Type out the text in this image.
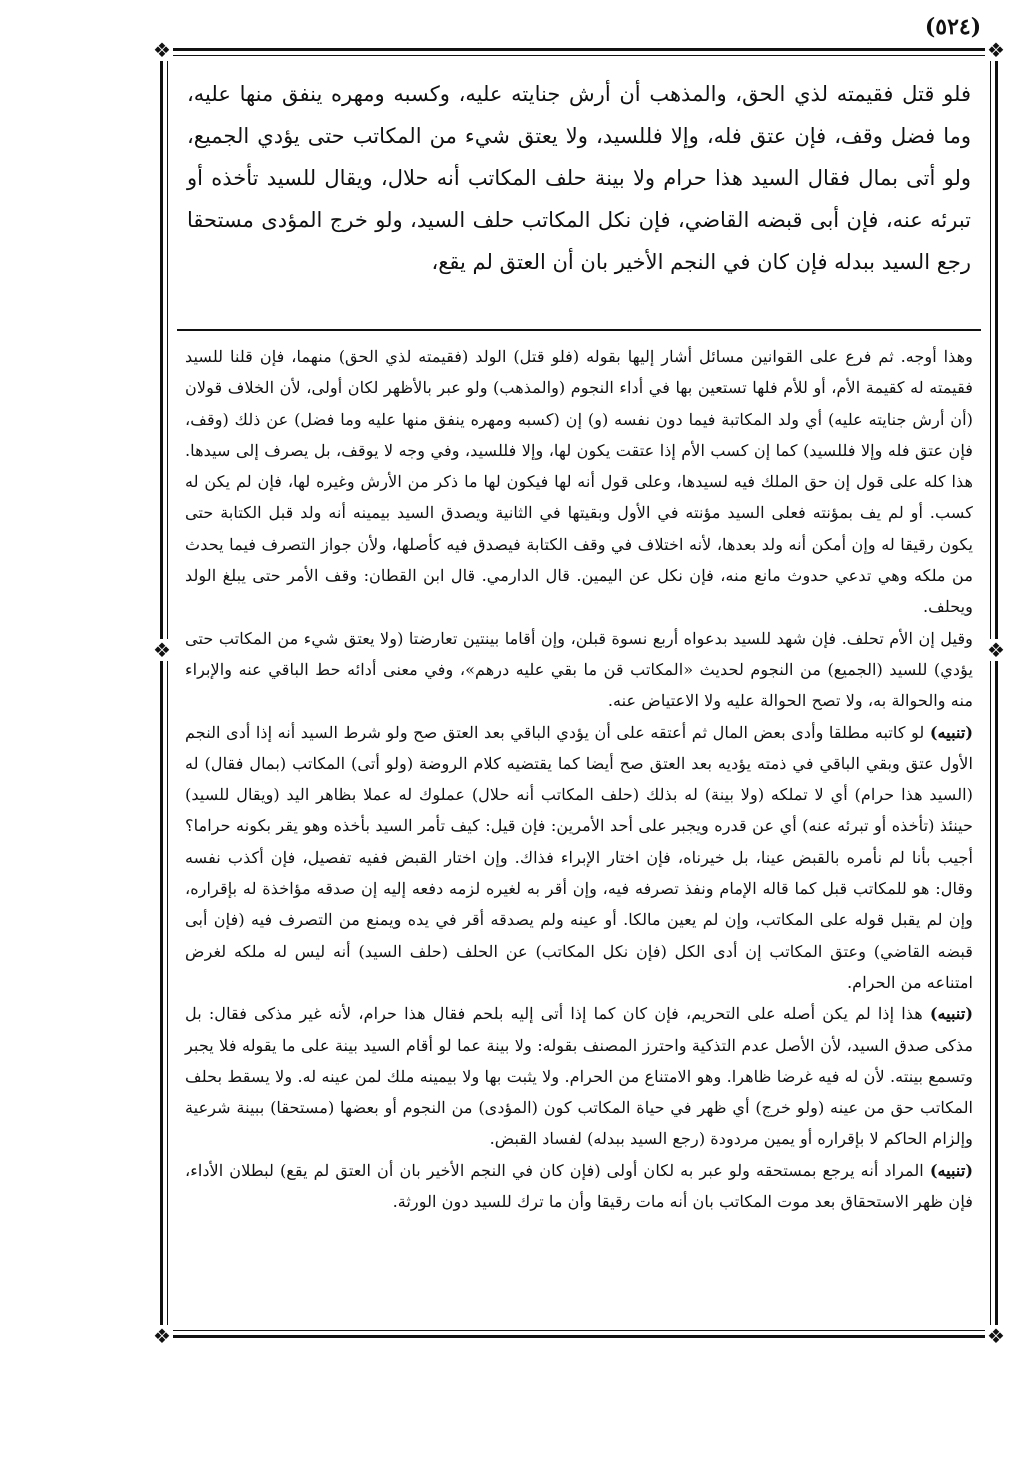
(٥٢٤)
❖	❖
❖	❖
❖	❖

فلو قتل فقيمته لذي الحق، والمذهب أن أرش جنايته عليه، وكسبه ومهره ينفق منها عليه، وما فضل وقف، فإن عتق فله، وإلا فللسيد، ولا يعتق شيء من المكاتب حتى يؤدي الجميع، ولو أتى بمال فقال السيد هذا حرام ولا بينة حلف المكاتب أنه حلال، ويقال للسيد تأخذه أو تبرئه عنه، فإن أبى قبضه القاضي، فإن نكل المكاتب حلف السيد، ولو خرج المؤدى مستحقا رجع السيد ببدله فإن كان في النجم الأخير بان أن العتق لم يقع،

وهذا أوجه. ثم فرع على القوانين مسائل أشار إليها بقوله (فلو قتل) الولد (فقيمته لذي الحق) منهما، فإن قلنا للسيد فقيمته له كقيمة الأم، أو للأم فلها تستعين بها في أداء النجوم (والمذهب) ولو عبر بالأظهر لكان أولى، لأن الخلاف قولان (أن أرش جنايته عليه) أي ولد المكاتبة فيما دون نفسه (و) إن (كسبه ومهره ينفق منها عليه وما فضل) عن ذلك (وقف، فإن عتق فله وإلا فللسيد) كما إن كسب الأم إذا عتقت يكون لها، وإلا فللسيد، وفي وجه لا يوقف، بل يصرف إلى سيدها. هذا كله على قول إن حق الملك فيه لسيدها، وعلى قول أنه لها فيكون لها ما ذكر من الأرش وغيره لها، فإن لم يكن له كسب. أو لم يف بمؤنته فعلى السيد مؤنته في الأول وبقيتها في الثانية ويصدق السيد بيمينه أنه ولد قبل الكتابة حتى يكون رقيقا له وإن أمكن أنه ولد بعدها، لأنه اختلاف في وقف الكتابة فيصدق فيه كأصلها، ولأن جواز التصرف فيما يحدث من ملكه وهي تدعي حدوث مانع منه، فإن نكل عن اليمين. قال الدارمي. قال ابن القطان: وقف الأمر حتى يبلغ الولد ويحلف.

وقيل إن الأم تحلف. فإن شهد للسيد بدعواه أربع نسوة قبلن، وإن أقاما بينتين تعارضتا (ولا يعتق شيء من المكاتب حتى يؤدي) للسيد (الجميع) من النجوم لحديث «المكاتب قن ما بقي عليه درهم»، وفي معنى أدائه حط الباقي عنه والإبراء منه والحوالة به، ولا تصح الحوالة عليه ولا الاعتياض عنه.

(تنبيه) لو كاتبه مطلقا وأدى بعض المال ثم أعتقه على أن يؤدي الباقي بعد العتق صح ولو شرط السيد أنه إذا أدى النجم الأول عتق وبقي الباقي في ذمته يؤديه بعد العتق صح أيضا كما يقتضيه كلام الروضة (ولو أتى) المكاتب (بمال فقال) له (السيد هذا حرام) أي لا تملكه (ولا بينة) له بذلك (حلف المكاتب أنه حلال) عملوك له عملا بظاهر اليد (ويقال للسيد) حينئذ (تأخذه أو تبرئه عنه) أي عن قدره ويجبر على أحد الأمرين: فإن قيل: كيف تأمر السيد بأخذه وهو يقر بكونه حراما؟ أجيب بأنا لم نأمره بالقبض عينا، بل خيرناه، فإن اختار الإبراء فذاك. وإن اختار القبض ففيه تفصيل، فإن أكذب نفسه وقال: هو للمكاتب قبل كما قاله الإمام ونفذ تصرفه فيه، وإن أقر به لغيره لزمه دفعه إليه إن صدقه مؤاخذة له بإقراره، وإن لم يقبل قوله على المكاتب، وإن لم يعين مالكا. أو عينه ولم يصدقه أقر في يده ويمنع من التصرف فيه (فإن أبى قبضه القاضي) وعتق المكاتب إن أدى الكل (فإن نكل المكاتب) عن الحلف (حلف السيد) أنه ليس له ملكه لغرض امتناعه من الحرام.

(تنبيه) هذا إذا لم يكن أصله على التحريم، فإن كان كما إذا أتى إليه بلحم فقال هذا حرام، لأنه غير مذكى فقال: بل مذكى صدق السيد، لأن الأصل عدم التذكية واحترز المصنف بقوله: ولا بينة عما لو أقام السيد بينة على ما يقوله فلا يجبر وتسمع بينته. لأن له فيه غرضا ظاهرا. وهو الامتناع من الحرام. ولا يثبت بها ولا بيمينه ملك لمن عينه له. ولا يسقط بحلف المكاتب حق من عينه (ولو خرج) أي ظهر في حياة المكاتب كون (المؤدى) من النجوم أو بعضها (مستحقا) ببينة شرعية وإلزام الحاكم لا بإقراره أو يمين مردودة (رجع السيد ببدله) لفساد القبض.

(تنبيه) المراد أنه يرجع بمستحقه ولو عبر به لكان أولى (فإن كان في النجم الأخير بان أن العتق لم يقع) لبطلان الأداء، فإن ظهر الاستحقاق بعد موت المكاتب بان أنه مات رقيقا وأن ما ترك للسيد دون الورثة.
